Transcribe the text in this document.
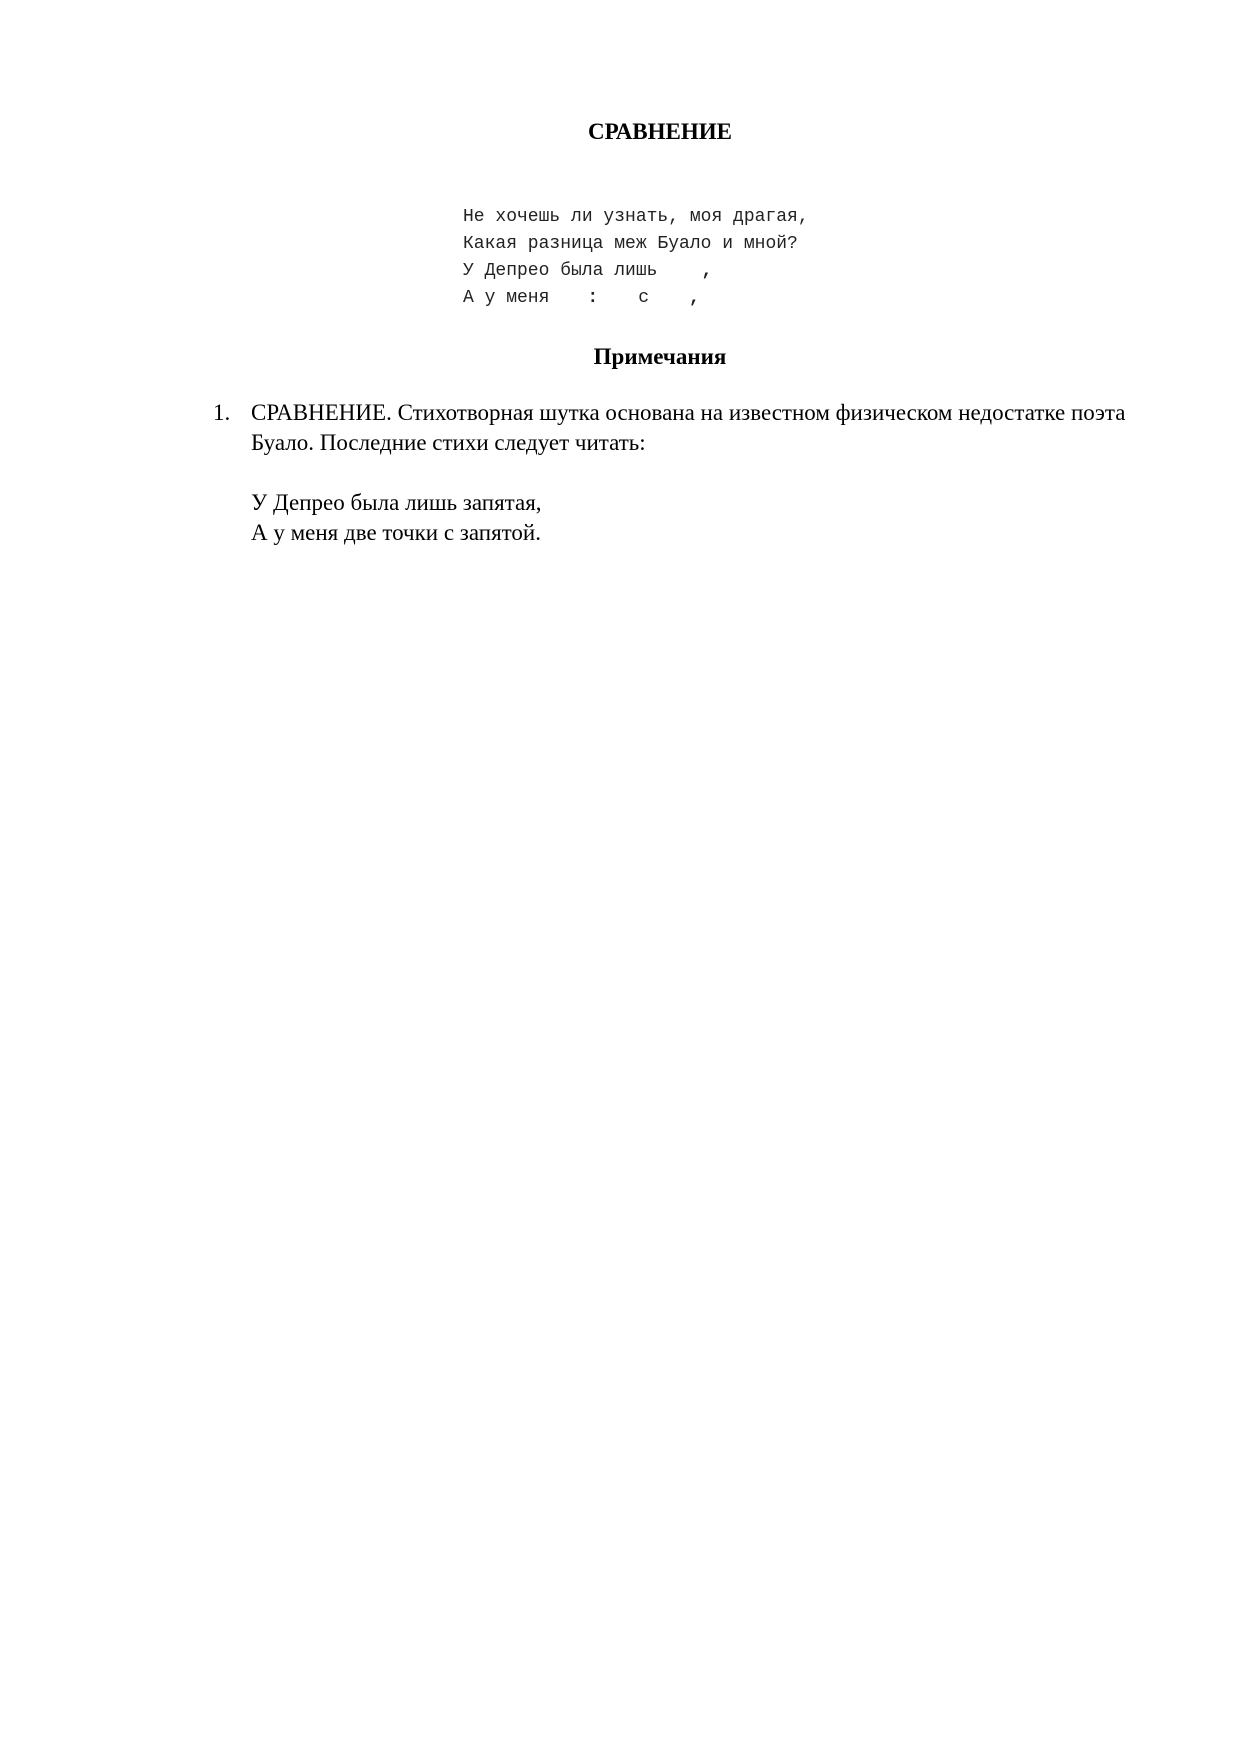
СРАВНЕНИЕ
Не хочешь ли узнать, моя драгая,
Какая разница меж Буало и мной?
У Депрео была лишь ,
А у меня : с ,
Примечания
1. СРАВНЕНИЕ. Стихотворная шутка основана на известном физическом недостатке поэта Буало. Последние стихи следует читать:

У Депрео была лишь запятая,
А у меня две точки с запятой.
